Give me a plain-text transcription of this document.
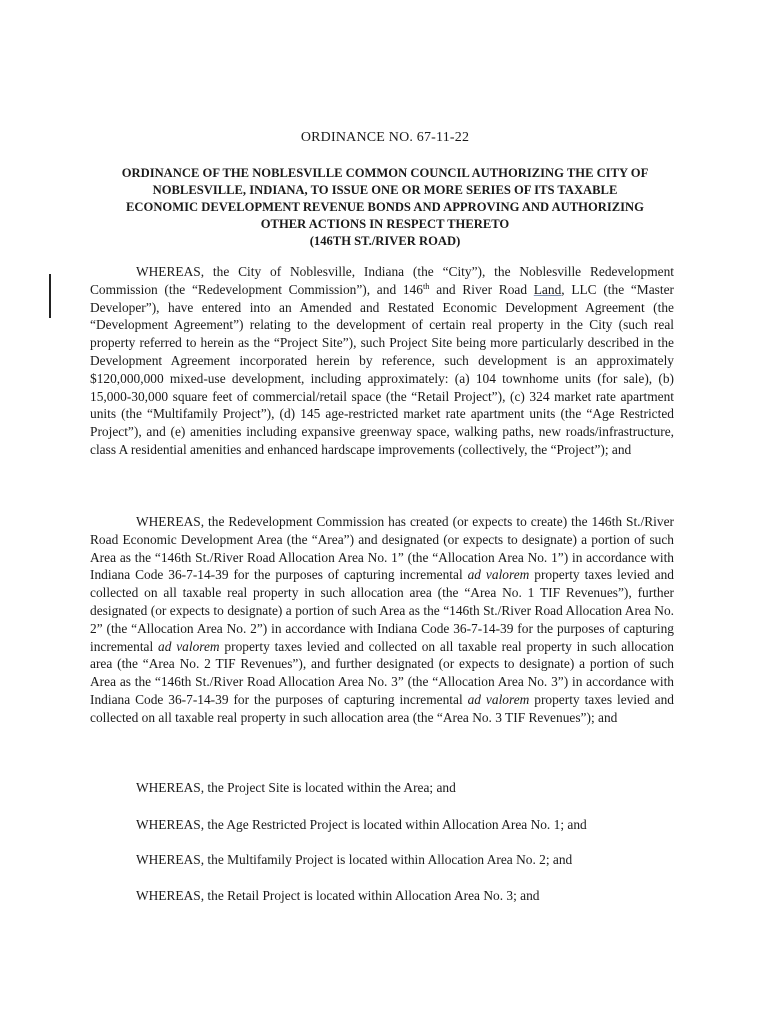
ORDINANCE NO. 67-11-22
ORDINANCE OF THE NOBLESVILLE COMMON COUNCIL AUTHORIZING THE CITY OF
NOBLESVILLE, INDIANA, TO ISSUE ONE OR MORE SERIES OF ITS TAXABLE
ECONOMIC DEVELOPMENT REVENUE BONDS AND APPROVING AND AUTHORIZING
OTHER ACTIONS IN RESPECT THERETO
(146TH ST./RIVER ROAD)

WHEREAS, the City of Noblesville, Indiana (the “City”), the Noblesville Redevelopment Commission (the “Redevelopment Commission”), and 146th and River Road Land, LLC (the “Master Developer”), have entered into an Amended and Restated Economic Development Agreement (the “Development Agreement”) relating to the development of certain real property in the City (such real property referred to herein as the “Project Site”), such Project Site being more particularly described in the Development Agreement incorporated herein by reference, such development is an approximately $120,000,000 mixed-use development, including approximately: (a) 104 townhome units (for sale), (b) 15,000-30,000 square feet of commercial/retail space (the “Retail Project”), (c) 324 market rate apartment units (the “Multifamily Project”), (d) 145 age-restricted market rate apartment units (the “Age Restricted Project”), and (e) amenities including expansive greenway space, walking paths, new roads/infrastructure, class A residential amenities and enhanced hardscape improvements (collectively, the “Project”); and

WHEREAS, the Redevelopment Commission has created (or expects to create) the 146th St./River Road Economic Development Area (the “Area”) and designated (or expects to designate) a portion of such Area as the “146th St./River Road Allocation Area No. 1” (the “Allocation Area No. 1”) in accordance with Indiana Code 36-7-14-39 for the purposes of capturing incremental ad valorem property taxes levied and collected on all taxable real property in such allocation area (the “Area No. 1 TIF Revenues”), further designated (or expects to designate) a portion of such Area as the “146th St./River Road Allocation Area No. 2” (the “Allocation Area No. 2”) in accordance with Indiana Code 36-7-14-39 for the purposes of capturing incremental ad valorem property taxes levied and collected on all taxable real property in such allocation area (the “Area No. 2 TIF Revenues”), and further designated (or expects to designate) a portion of such Area as the “146th St./River Road Allocation Area No. 3” (the “Allocation Area No. 3”) in accordance with Indiana Code 36-7-14-39 for the purposes of capturing incremental ad valorem property taxes levied and collected on all taxable real property in such allocation area (the “Area No. 3 TIF Revenues”); and

WHEREAS, the Project Site is located within the Area; and
WHEREAS, the Age Restricted Project is located within Allocation Area No. 1; and
WHEREAS, the Multifamily Project is located within Allocation Area No. 2; and
WHEREAS, the Retail Project is located within Allocation Area No. 3; and
